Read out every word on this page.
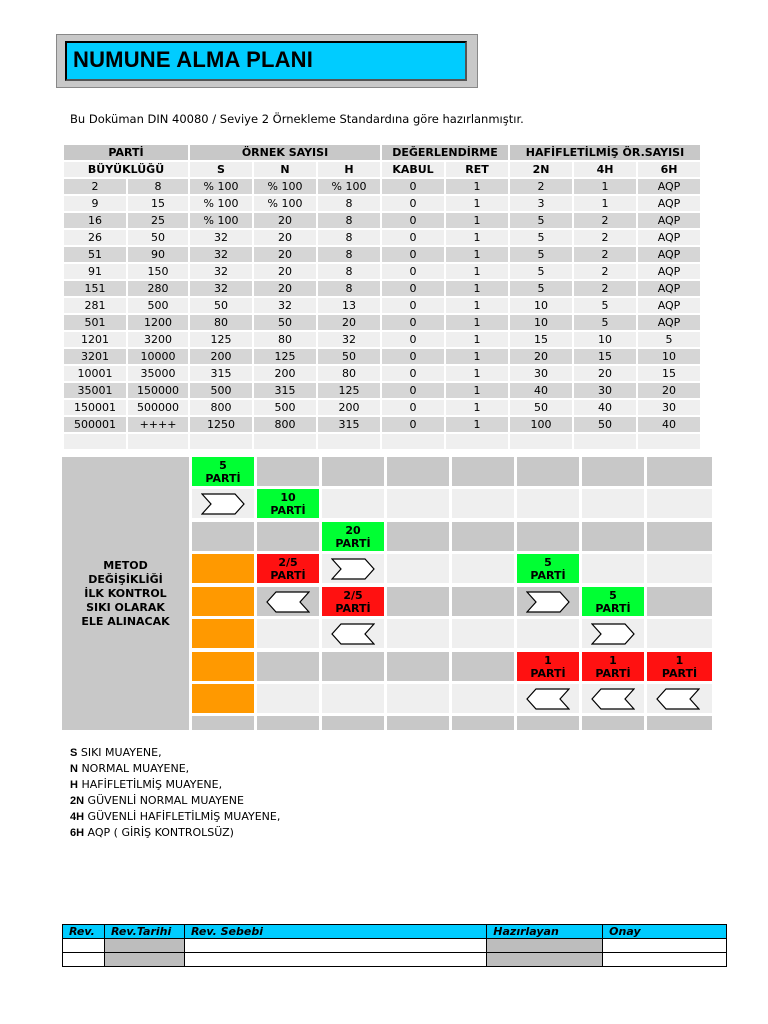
NUMUNE ALMA PLANI
Bu Doküman DIN 40080 / Seviye 2 Örnekleme Standardına göre hazırlanmıştır.
PARTİ		ÖRNEK SAYISI			DEĞERLENDİRME		HAFİFLETİLMİŞ ÖR.SAYISI		
BÜYÜKLÜĞÜ		S	N	H	KABUL	RET	2N	4H	6H
2	8	% 100	% 100	% 100	0	1	2	1	AQP
9	15	% 100	% 100	8	0	1	3	1	AQP
16	25	% 100	20	8	0	1	5	2	AQP
26	50	32	20	8	0	1	5	2	AQP
51	90	32	20	8	0	1	5	2	AQP
91	150	32	20	8	0	1	5	2	AQP
151	280	32	20	8	0	1	5	2	AQP
281	500	50	32	13	0	1	10	5	AQP
501	1200	80	50	20	0	1	10	5	AQP
1201	3200	125	80	32	0	1	15	10	5
3201	10000	200	125	50	0	1	20	15	10
10001	35000	315	200	80	0	1	30	20	15
35001	150000	500	315	125	0	1	40	30	20
150001	500000	800	500	200	0	1	50	40	30
500001	++++	1250	800	315	0	1	100	50	40

METOD
DEĞİŞİKLİĞİ
İLK KONTROL
SIKI OLARAK
ELE ALINACAK
5
PARTİ
10
PARTİ
20
PARTİ
2/5
PARTİ
5
PARTİ
2/5
PARTİ
5
PARTİ
1
PARTİ
1
PARTİ
1
PARTİ
S SIKI MUAYENE,
N NORMAL MUAYENE,
H HAFİFLETİLMİŞ MUAYENE,
2N GÜVENLİ NORMAL MUAYENE
4H GÜVENLİ HAFİFLETİLMİŞ MUAYENE,
6H AQP ( GİRİŞ KONTROLSÜZ)
Rev.	Rev.Tarihi	Rev. Sebebi	Hazırlayan	Onay
